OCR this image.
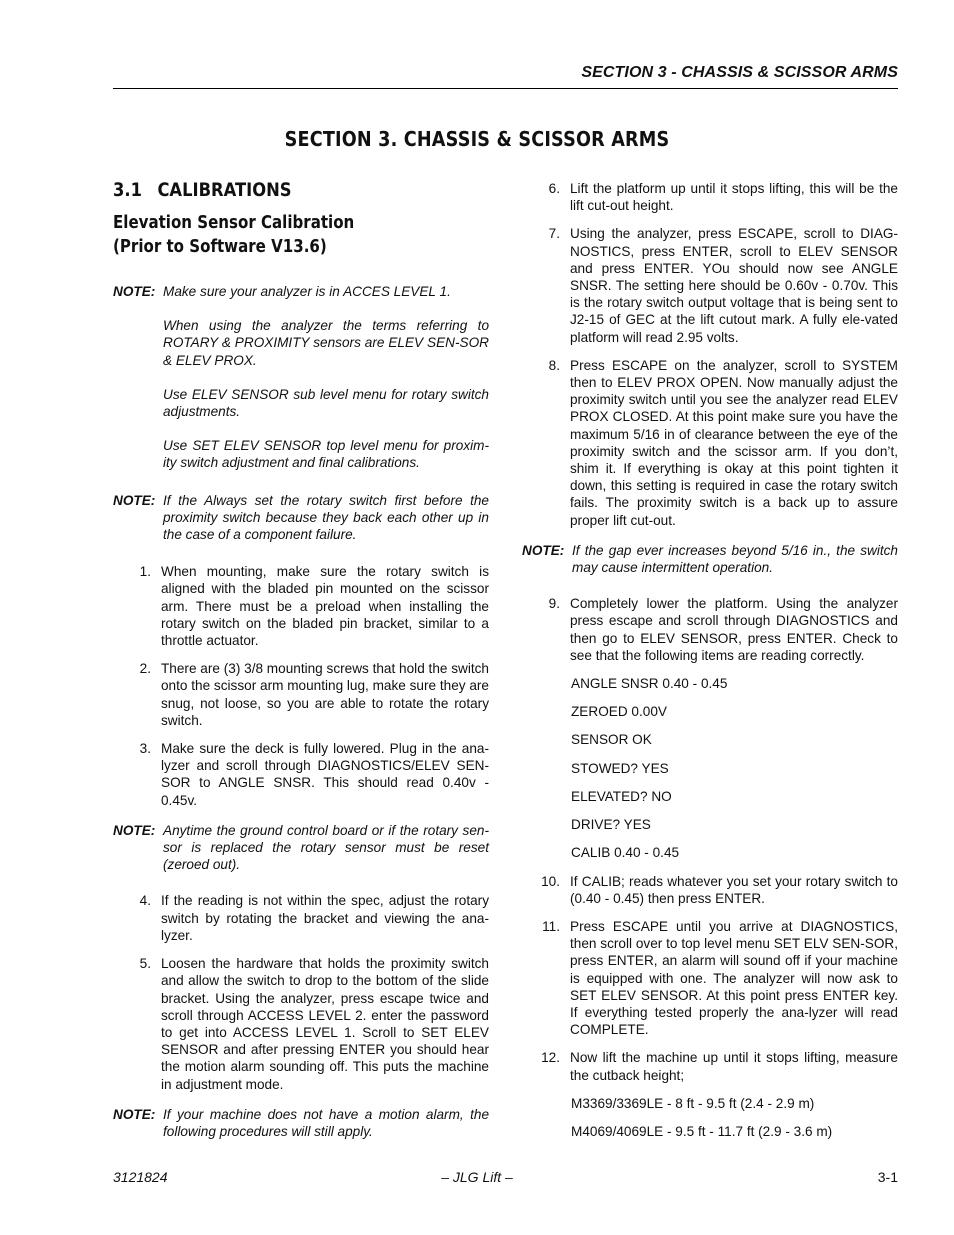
SECTION 3 - CHASSIS & SCISSOR ARMS
SECTION 3. CHASSIS & SCISSOR ARMS
3.1 CALIBRATIONS
Elevation Sensor Calibration
(Prior to Software V13.6)
NOTE: Make sure your analyzer is in ACCES LEVEL 1.
When using the analyzer the terms referring to ROTARY & PROXIMITY sensors are ELEV SEN-SOR & ELEV PROX.
Use ELEV SENSOR sub level menu for rotary switch adjustments.
Use SET ELEV SENSOR top level menu for proxim-ity switch adjustment and final calibrations.
NOTE: If the Always set the rotary switch first before the proximity switch because they back each other up in the case of a component failure.
1. When mounting, make sure the rotary switch is aligned with the bladed pin mounted on the scissor arm. There must be a preload when installing the rotary switch on the bladed pin bracket, similar to a throttle actuator.
2. There are (3) 3/8 mounting screws that hold the switch onto the scissor arm mounting lug, make sure they are snug, not loose, so you are able to rotate the rotary switch.
3. Make sure the deck is fully lowered. Plug in the ana-lyzer and scroll through DIAGNOSTICS/ELEV SEN-SOR to ANGLE SNSR. This should read 0.40v - 0.45v.
NOTE: Anytime the ground control board or if the rotary sen-sor is replaced the rotary sensor must be reset (zeroed out).
4. If the reading is not within the spec, adjust the rotary switch by rotating the bracket and viewing the ana-lyzer.
5. Loosen the hardware that holds the proximity switch and allow the switch to drop to the bottom of the slide bracket. Using the analyzer, press escape twice and scroll through ACCESS LEVEL 2. enter the password to get into ACCESS LEVEL 1. Scroll to SET ELEV SENSOR and after pressing ENTER you should hear the motion alarm sounding off. This puts the machine in adjustment mode.
NOTE: If your machine does not have a motion alarm, the following procedures will still apply.
6. Lift the platform up until it stops lifting, this will be the lift cut-out height.
7. Using the analyzer, press ESCAPE, scroll to DIAG-NOSTICS, press ENTER, scroll to ELEV SENSOR and press ENTER. YOu should now see ANGLE SNSR. The setting here should be 0.60v - 0.70v. This is the rotary switch output voltage that is being sent to J2-15 of GEC at the lift cutout mark. A fully ele-vated platform will read 2.95 volts.
8. Press ESCAPE on the analyzer, scroll to SYSTEM then to ELEV PROX OPEN. Now manually adjust the proximity switch until you see the analyzer read ELEV PROX CLOSED. At this point make sure you have the maximum 5/16 in of clearance between the eye of the proximity switch and the scissor arm. If you don’t, shim it. If everything is okay at this point tighten it down, this setting is required in case the rotary switch fails. The proximity switch is a back up to assure proper lift cut-out.
NOTE: If the gap ever increases beyond 5/16 in., the switch may cause intermittent operation.
9. Completely lower the platform. Using the analyzer press escape and scroll through DIAGNOSTICS and then go to ELEV SENSOR, press ENTER. Check to see that the following items are reading correctly.
ANGLE SNSR 0.40 - 0.45
ZEROED 0.00V
SENSOR OK
STOWED? YES
ELEVATED? NO
DRIVE? YES
CALIB 0.40 - 0.45
10. If CALIB; reads whatever you set your rotary switch to (0.40 - 0.45) then press ENTER.
11. Press ESCAPE until you arrive at DIAGNOSTICS, then scroll over to top level menu SET ELV SEN-SOR, press ENTER, an alarm will sound off if your machine is equipped with one. The analyzer will now ask to SET ELEV SENSOR. At this point press ENTER key. If everything tested properly the ana-lyzer will read COMPLETE.
12. Now lift the machine up until it stops lifting, measure the cutback height;
M3369/3369LE - 8 ft - 9.5 ft (2.4 - 2.9 m)
M4069/4069LE - 9.5 ft - 11.7 ft (2.9 - 3.6 m)
3121824	– JLG Lift –	3-1
